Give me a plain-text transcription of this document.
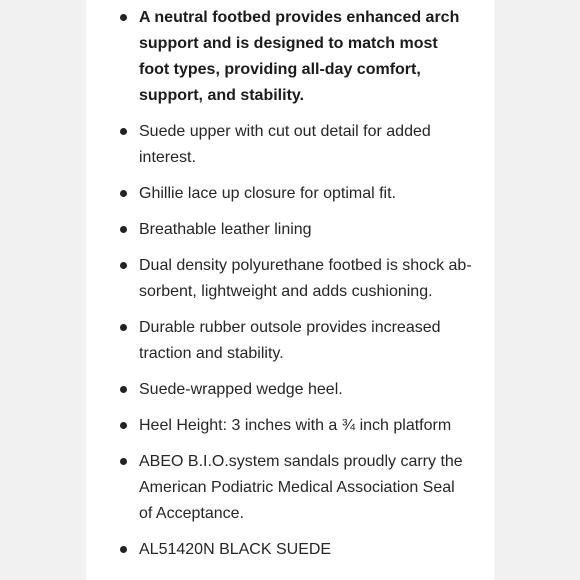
A neutral footbed provides enhanced arch support and is designed to match most foot types, providing all-day comfort, support, and stability.
Suede upper with cut out detail for added interest.
Ghillie lace up closure for optimal fit.
Breathable leather lining
Dual density polyurethane footbed is shock ab-sorbent, lightweight and adds cushioning.
Durable rubber outsole provides increased traction and stability.
Suede-wrapped wedge heel.
Heel Height: 3 inches with a ¾ inch platform
ABEO B.I.O.system sandals proudly carry the American Podiatric Medical Association Seal of Acceptance.
AL51420N BLACK SUEDE
